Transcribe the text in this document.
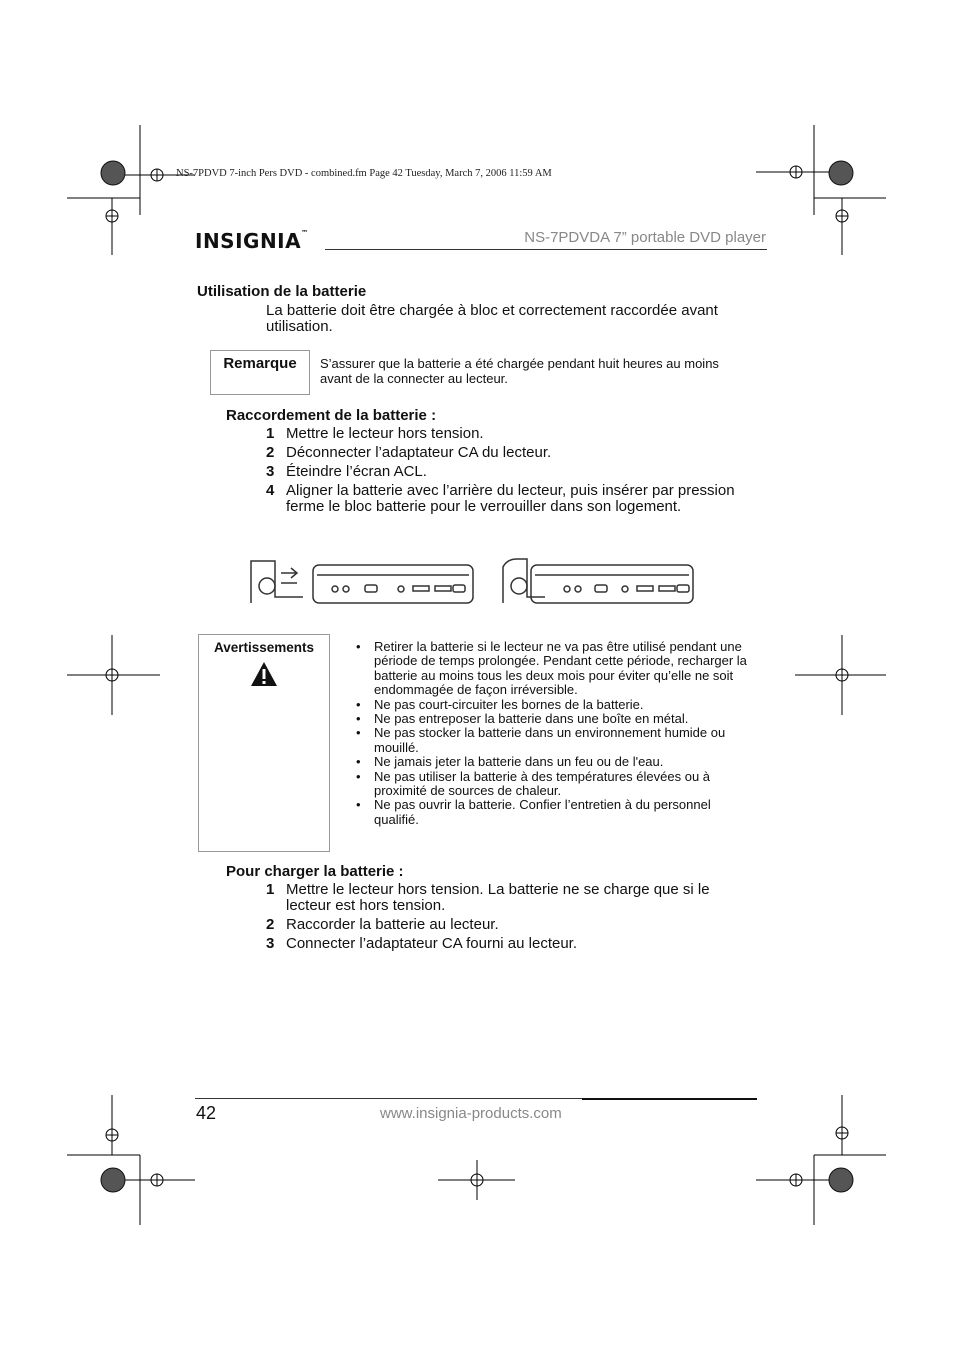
NS-7PDVD 7-inch Pers DVD - combined.fm Page 42 Tuesday, March 7, 2006 11:59 AM
INSIGNIA™	NS-7PDVDA 7” portable DVD player
Utilisation de la batterie
La batterie doit être chargée à bloc et correctement raccordée avant utilisation.
Remarque	S’assurer que la batterie a été chargée pendant huit heures au moins avant de la connecter au lecteur.
Raccordement de la batterie :
1 Mettre le lecteur hors tension.
2 Déconnecter l’adaptateur CA du lecteur.
3 Éteindre l’écran ACL.
4 Aligner la batterie avec l’arrière du lecteur, puis insérer par pression ferme le bloc batterie pour le verrouiller dans son logement.
Avertissements	•	Retirer la batterie si le lecteur ne va pas être utilisé pendant une période de temps prolongée. Pendant cette période, recharger la batterie au moins tous les deux mois pour éviter qu’elle ne soit endommagée de façon irréversible.
•	Ne pas court-circuiter les bornes de la batterie.
•	Ne pas entreposer la batterie dans une boîte en métal.
•	Ne pas stocker la batterie dans un environnement humide ou mouillé.
•	Ne jamais jeter la batterie dans un feu ou de l'eau.
•	Ne pas utiliser la batterie à des températures élevées ou à proximité de sources de chaleur.
•	Ne pas ouvrir la batterie. Confier l’entretien à du personnel qualifié.
Pour charger la batterie :
1 Mettre le lecteur hors tension. La batterie ne se charge que si le lecteur est hors tension.
2 Raccorder la batterie au lecteur.
3 Connecter l’adaptateur CA fourni au lecteur.
42	www.insignia-products.com
